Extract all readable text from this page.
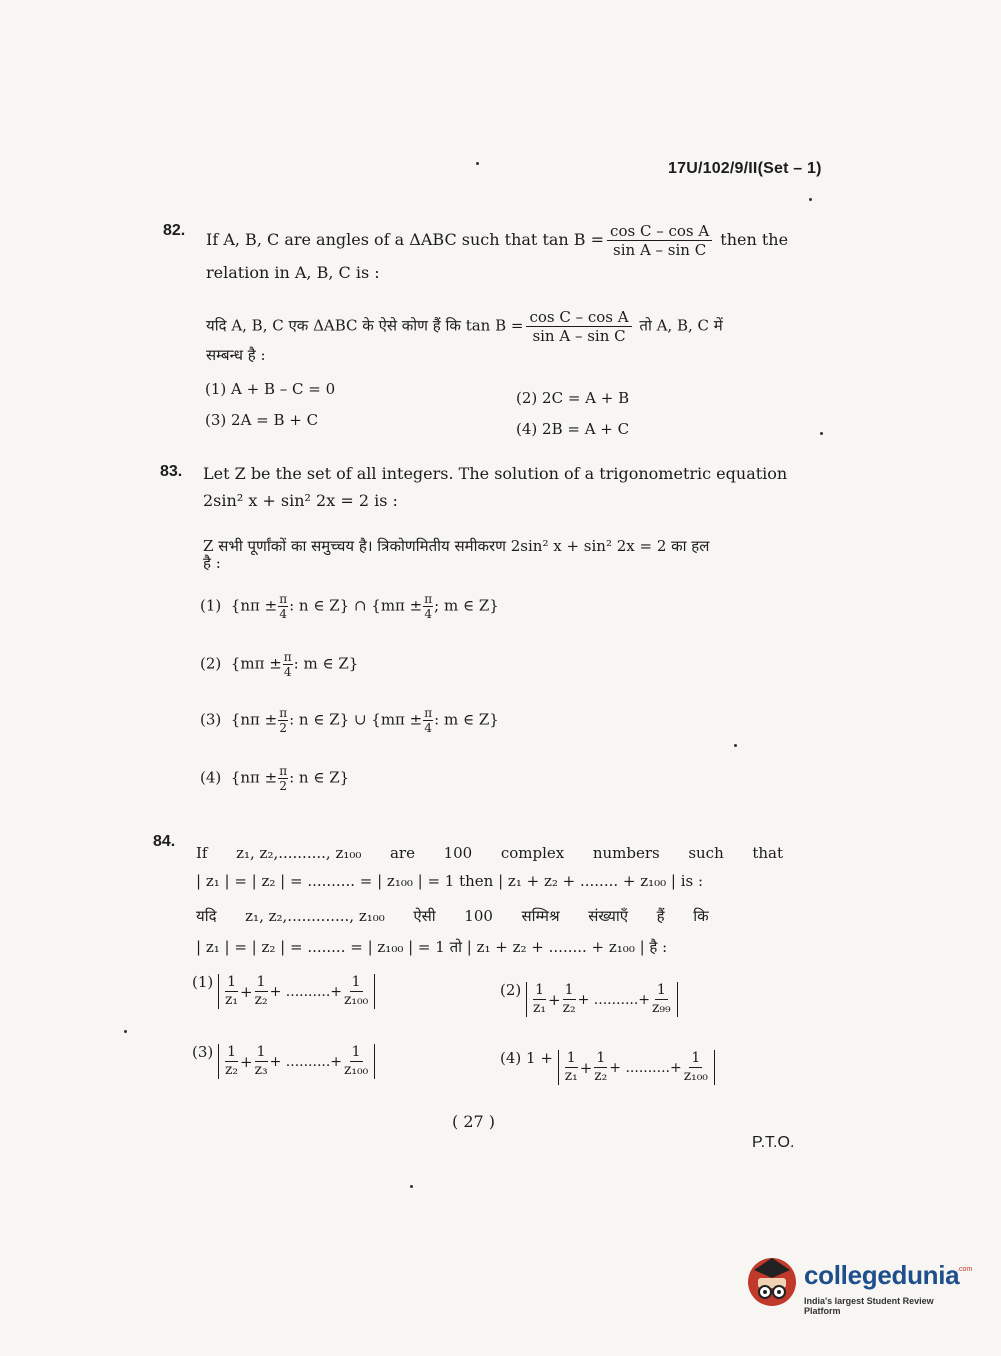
17U/102/9/II(Set – 1)
82. If A, B, C are angles of a ΔABC such that $\tan B = \frac{\text{cos C – cos A}}{\text{sin A – sin C}}$ then the
relation in A, B, C is :
यदि A, B, C एक ΔABC के ऐसे कोण हैं कि $\tan B = \frac{\text{cos C – cos A}}{\text{sin A – sin C}}$ तो A, B, C में
सम्बन्ध है :
(1) A + B – C = 0	(2) 2C = A + B
(3) 2A = B + C	(4) 2B = A + C
83. Let Z be the set of all integers. The solution of a trigonometric equation
2sin² x + sin² 2x = 2 is :
Z सभी पूर्णांकों का समुच्चय है। त्रिकोणमितीय समीकरण 2sin² x + sin² 2x = 2 का हल
है :
(1) {$n\pi \pm \frac{\pi}{4}$ : n ∈ Z} ∩ {$m\pi \pm \frac{\pi}{4}$ ; m ∈ Z}
(2) {$m\pi \pm \frac{\pi}{4}$ : m ∈ Z}
(3) {$n\pi \pm \frac{\pi}{2}$ : n ∈ Z} ∪ {$m\pi \pm \frac{\pi}{4}$ : m ∈ Z}
(4) {$n\pi \pm \frac{\pi}{2}$ : n ∈ Z}
84.
If      z₁, z₂,.........., z₁₀₀      are      100      complex      numbers      such      that
| z₁ | = | z₂ | = .......... = | z₁₀₀ | = 1 then | z₁ + z₂ + ........ + z₁₀₀ | is :
यदि      z₁, z₂,............., z₁₀₀      ऐसी      100      सम्मिश्र      संख्याएँ      हैं      कि
| z₁ | = | z₂ | = ........ = | z₁₀₀ | = 1 तो | z₁ + z₂ + ........ + z₁₀₀ | है :
$(1) \frac{1}{\text{z₁}} + \frac{1}{\text{z₂}}$ + ..........+ $\frac{1}{\text{z₁₀₀}}$	$(2) \frac{1}{\text{z₁}} + \frac{1}{\text{z₂}}$ + ..........+ $\frac{1}{\text{z₉₉}}$
$(3) \frac{1}{\text{z₂}} + \frac{1}{\text{z₃}}$ + ..........+ $\frac{1}{\text{z₁₀₀}}$	(4) $1 + \frac{1}{\text{z₁}} + \frac{1}{\text{z₂}}$ + ..........+ $\frac{1}{\text{z₁₀₀}}$
( 27 )
P.T.O.
collegedunia
.com
India's largest Student Review Platform
